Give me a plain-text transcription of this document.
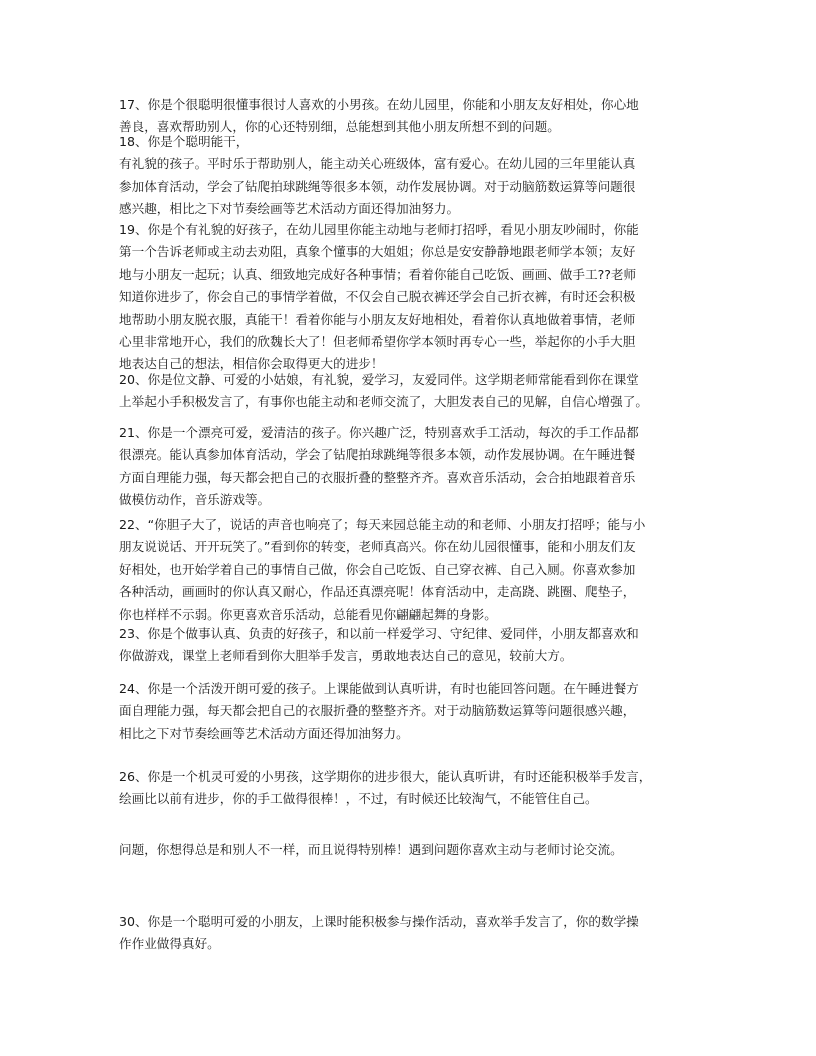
17、你是个很聪明很懂事很讨人喜欢的小男孩。在幼儿园里，你能和小朋友友好相处，你心地
善良，喜欢帮助别人，你的心还特别细，总能想到其他小朋友所想不到的问题。

18、你是个聪明能干，
有礼貌的孩子。平时乐于帮助别人，能主动关心班级体，富有爱心。在幼儿园的三年里能认真
参加体育活动，学会了钻爬拍球跳绳等很多本领，动作发展协调。对于动脑筋数运算等问题很
感兴趣，相比之下对节奏绘画等艺术活动方面还得加油努力。

19、你是个有礼貌的好孩子，在幼儿园里你能主动地与老师打招呼，看见小朋友吵闹时，你能
第一个告诉老师或主动去劝阻，真象个懂事的大姐姐；你总是安安静静地跟老师学本领；友好
地与小朋友一起玩；认真、细致地完成好各种事情；看着你能自己吃饭、画画、做手工??老师
知道你进步了，你会自己的事情学着做，不仅会自己脱衣裤还学会自己折衣裤，有时还会积极
地帮助小朋友脱衣服，真能干！看着你能与小朋友友好地相处，看着你认真地做着事情，老师
心里非常地开心，我们的欣魏长大了！但老师希望你学本领时再专心一些，举起你的小手大胆
地表达自己的想法，相信你会取得更大的进步！

20、你是位文静、可爱的小姑娘，有礼貌，爱学习，友爱同伴。这学期老师常能看到你在课堂
上举起小手积极发言了，有事你也能主动和老师交流了，大胆发表自己的见解，自信心增强了。

21、你是一个漂亮可爱，爱清洁的孩子。你兴趣广泛，特别喜欢手工活动，每次的手工作品都
很漂亮。能认真参加体育活动，学会了钻爬拍球跳绳等很多本领，动作发展协调。在午睡进餐
方面自理能力强，每天都会把自己的衣服折叠的整整齐齐。喜欢音乐活动，会合拍地跟着音乐
做模仿动作，音乐游戏等。

22、“你胆子大了，说话的声音也响亮了；每天来园总能主动的和老师、小朋友打招呼；能与小
朋友说说话、开开玩笑了。”看到你的转变，老师真高兴。你在幼儿园很懂事，能和小朋友们友
好相处，也开始学着自己的事情自己做，你会自己吃饭、自己穿衣裤、自己入厕。你喜欢参加
各种活动，画画时的你认真又耐心，作品还真漂亮呢！体育活动中，走高跷、跳圈、爬垫子，
你也样样不示弱。你更喜欢音乐活动，总能看见你翩翩起舞的身影。

23、你是个做事认真、负责的好孩子，和以前一样爱学习、守纪律、爱同伴，小朋友都喜欢和
你做游戏，课堂上老师看到你大胆举手发言，勇敢地表达自己的意见，较前大方。

24、你是一个活泼开朗可爱的孩子。上课能做到认真听讲，有时也能回答问题。在午睡进餐方
面自理能力强，每天都会把自己的衣服折叠的整整齐齐。对于动脑筋数运算等问题很感兴趣，
相比之下对节奏绘画等艺术活动方面还得加油努力。

26、你是一个机灵可爱的小男孩，这学期你的进步很大，能认真听讲，有时还能积极举手发言，
绘画比以前有进步，你的手工做得很棒！，不过，有时候还比较淘气，不能管住自己。

问题，你想得总是和别人不一样，而且说得特别棒！遇到问题你喜欢主动与老师讨论交流。

30、你是一个聪明可爱的小朋友，上课时能积极参与操作活动，喜欢举手发言了，你的数学操
作作业做得真好。
